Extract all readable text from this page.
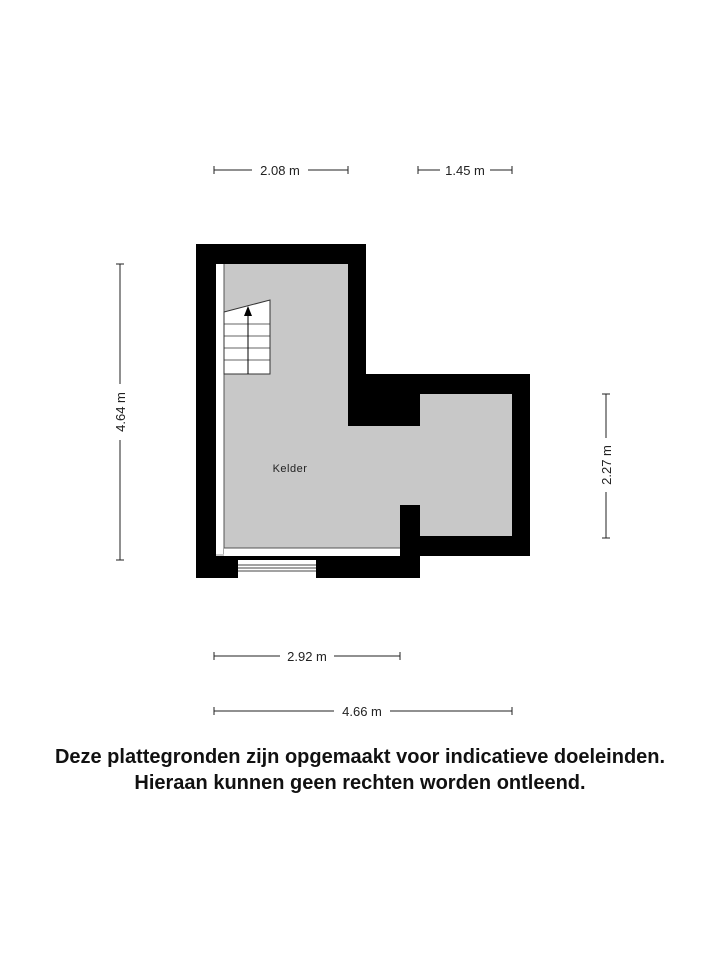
Kelder
2.08 m	1.45 m
4.64 m
2.27 m
2.92 m
4.66 m
Deze plattegronden zijn opgemaakt voor indicatieve doeleinden.
Hieraan kunnen geen rechten worden ontleend.
